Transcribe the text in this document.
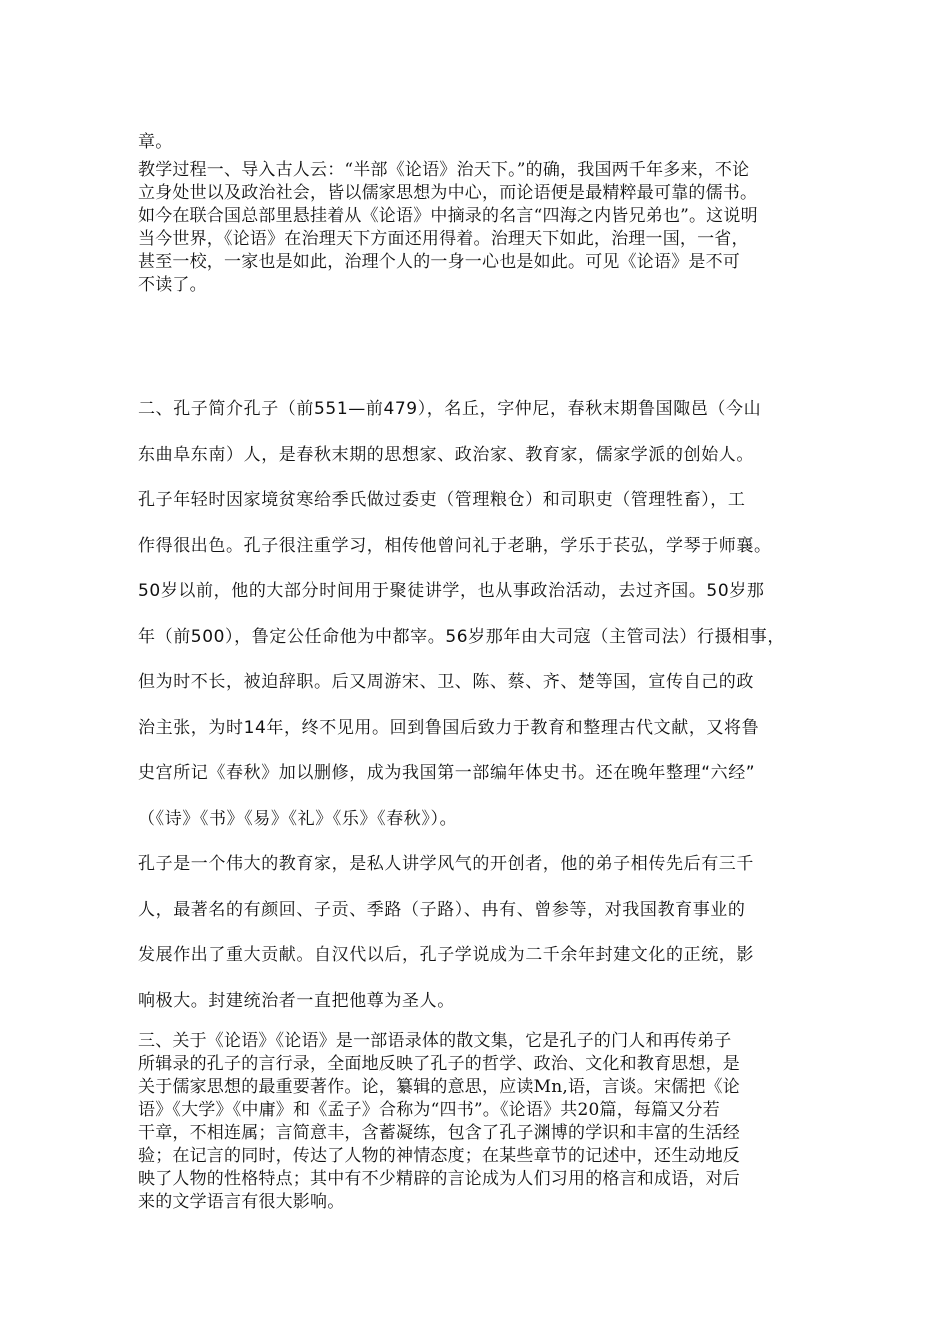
章。

教学过程一、导入古人云：“半部《论语》治天下。”的确，我国两千年多来，不论

立身处世以及政治社会，皆以儒家思想为中心，而论语便是最精粹最可靠的儒书。

如今在联合国总部里悬挂着从《论语》中摘录的名言“四海之内皆兄弟也”。这说明

当今世界，《论语》在治理天下方面还用得着。治理天下如此，治理一国，一省，

甚至一校，一家也是如此，治理个人的一身一心也是如此。可见《论语》是不可

不读了。

二、孔子简介孔子（前551—前479），名丘，字仲尼，春秋末期鲁国陬邑（今山

东曲阜东南）人，是春秋末期的思想家、政治家、教育家，儒家学派的创始人。

孔子年轻时因家境贫寒给季氏做过委吏（管理粮仓）和司职吏（管理牲畜），工

作得很出色。孔子很注重学习，相传他曾问礼于老聃，学乐于苌弘，学琴于师襄。

50岁以前，他的大部分时间用于聚徒讲学，也从事政治活动，去过齐国。50岁那

年（前500），鲁定公任命他为中都宰。56岁那年由大司寇（主管司法）行摄相事，

但为时不长，被迫辞职。后又周游宋、卫、陈、蔡、齐、楚等国，宣传自己的政

治主张，为时14年，终不见用。回到鲁国后致力于教育和整理古代文献，又将鲁

史宫所记《春秋》加以删修，成为我国第一部编年体史书。还在晚年整理“六经”

（《诗》《书》《易》《礼》《乐》《春秋》）。

孔子是一个伟大的教育家，是私人讲学风气的开创者，他的弟子相传先后有三千

人，最著名的有颜回、子贡、季路（子路）、冉有、曾参等，对我国教育事业的

发展作出了重大贡献。自汉代以后，孔子学说成为二千余年封建文化的正统，影

响极大。封建统治者一直把他尊为圣人。

三、关于《论语》《论语》是一部语录体的散文集，它是孔子的门人和再传弟子

所辑录的孔子的言行录，全面地反映了孔子的哲学、政治、文化和教育思想，是

关于儒家思想的最重要著作。论，纂辑的意思，应读Mn,语，言谈。宋儒把《论

语》《大学》《中庸》和《孟子》合称为“四书”。《论语》共20篇，每篇又分若

干章，不相连属；言简意丰，含蓄凝练，包含了孔子渊博的学识和丰富的生活经

验；在记言的同时，传达了人物的神情态度；在某些章节的记述中，还生动地反

映了人物的性格特点；其中有不少精辟的言论成为人们习用的格言和成语，对后

来的文学语言有很大影响。
